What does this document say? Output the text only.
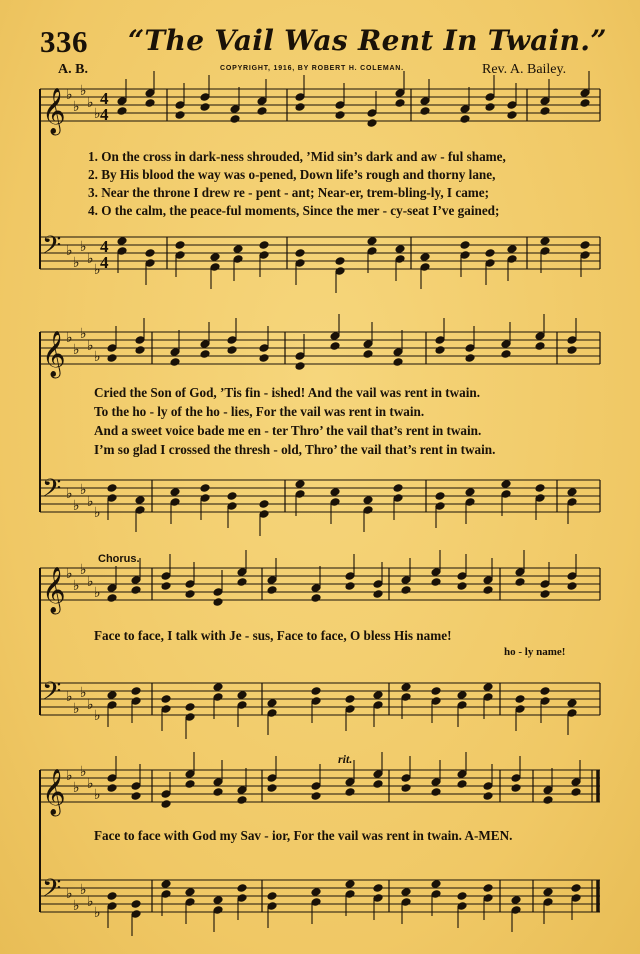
336 “The Vail Was Rent In Twain.”
A. B.	COPYRIGHT, 1916, BY ROBERT H. COLEMAN.	Rev. A. Bailey.
𝄞
𝄢
𝄞
𝄢
𝄞
𝄢
𝄞
𝄢
♭
♭
♭
♭
♭
♭
♭
♭
♭
♭
♭
♭
♭
♭
♭
♭
♭
♭
♭
♭
♭
♭
♭
♭
♭
♭
♭
♭
♭
♭
♭
♭
♭
♭
♭
♭
♭
♭
♭
♭
4
4
4
4
1. On the cross in dark-ness shrouded, ’Mid sin’s dark and aw - ful shame,
2. By His blood the way was o-pened, Down life’s rough and thorny lane,
3. Near the throne I drew re - pent - ant; Near-er, trem-bling-ly, I came;
4. O the calm, the peace-ful moments, Since the mer - cy-seat I’ve gained;
Cried the Son of God, ’Tis fin - ished! And the vail was rent in twain.
To the ho - ly of the ho - lies, For the vail was rent in twain.
And a sweet voice bade me en - ter Thro’ the vail that’s rent in twain.
I’m so glad I crossed the thresh - old, Thro’ the vail that’s rent in twain.
Chorus.
Face to face, I talk with Je - sus, Face to face, O bless His name!
ho - ly name!
rit.
Face to face with God my Sav - ior, For the vail was rent in twain. A-MEN.
